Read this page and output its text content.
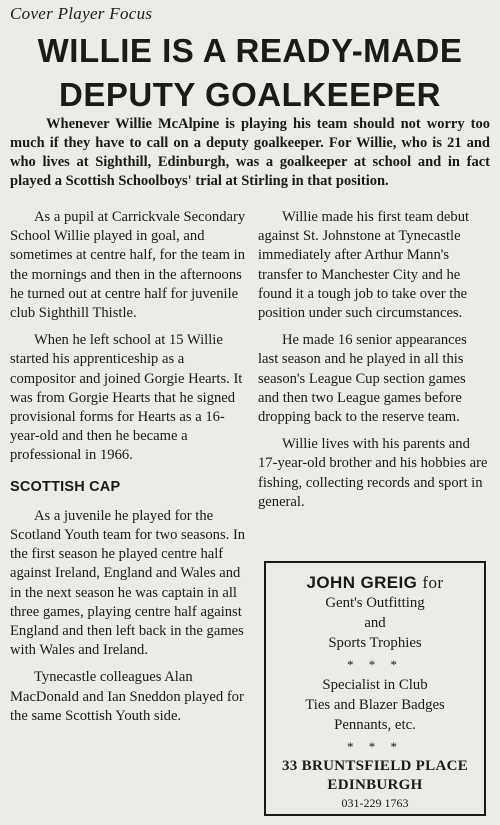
Cover Player Focus
WILLIE IS A READY-MADE
DEPUTY GOALKEEPER

Whenever Willie McAlpine is playing his team should not worry too much if they have to call on a deputy goalkeeper. For Willie, who is 21 and who lives at Sighthill, Edinburgh, was a goalkeeper at school and in fact played a Scottish Schoolboys' trial at Stirling in that position.

As a pupil at Carrickvale Secondary School Willie played in goal, and sometimes at centre half, for the team in the mornings and then in the afternoons he turned out at centre half for juvenile club Sighthill Thistle.

When he left school at 15 Willie started his apprenticeship as a compositor and joined Gorgie Hearts. It was from Gorgie Hearts that he signed provisional forms for Hearts as a 16-year-old and then he became a professional in 1966.

SCOTTISH CAP

As a juvenile he played for the Scotland Youth team for two seasons. In the first season he played centre half against Ireland, England and Wales and in the next season he was captain in all three games, playing centre half against England and then left back in the games with Wales and Ireland.

Tynecastle colleagues Alan MacDonald and Ian Sneddon played for the same Scottish Youth side.

Willie made his first team debut against St. Johnstone at Tynecastle immediately after Arthur Mann's transfer to Manchester City and he found it a tough job to take over the position under such circumstances.

He made 16 senior appearances last season and he played in all this season's League Cup section games and then two League games before dropping back to the reserve team.

Willie lives with his parents and 17-year-old brother and his hobbies are fishing, collecting records and sport in general.

JOHN GREIG for

Gent's Outfitting

and

Sports Trophies

* * *

Specialist in Club

Ties and Blazer Badges

Pennants, etc.

* * *

33 BRUNTSFIELD PLACE

EDINBURGH

031-229 1763
